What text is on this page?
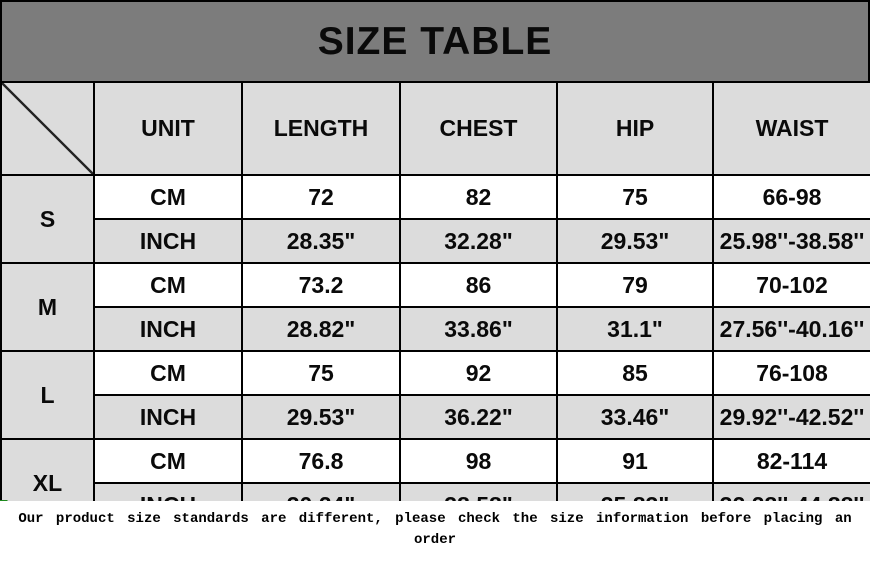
SIZE TABLE
	UNIT	LENGTH	CHEST	HIP	WAIST
S	CM	72	82	75	66-98
	INCH	28.35"	32.28"	29.53"	25.98''-38.58''
M	CM	73.2	86	79	70-102
	INCH	28.82"	33.86"	31.1"	27.56''-40.16''
L	CM	75	92	85	76-108
	INCH	29.53"	36.22"	33.46"	29.92''-42.52''
XL	CM	76.8	98	91	82-114

Our product size standards are different, please check the size information before placing an order
